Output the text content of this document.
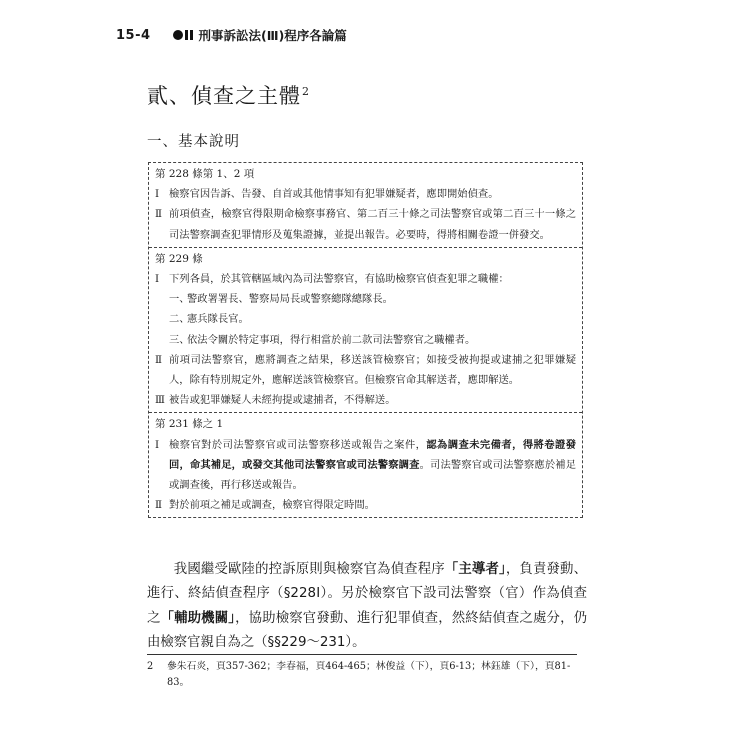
15-4	刑事訴訟法(Ⅲ)程序各論篇
貳、偵查之主體$^2$
一、基本說明
第 228 條第 1、2 項
Ⅰ 檢察官因告訴、告發、自首或其他情事知有犯罪嫌疑者，應即開始偵查。
Ⅱ 前項偵查，檢察官得限期命檢察事務官、第二百三十條之司法警察官或第二百三十一條之司法警察調查犯罪情形及蒐集證據，並提出報告。必要時，得將相關卷證一併發交。
第 229 條
Ⅰ 下列各員，於其管轄區域內為司法警察官，有協助檢察官偵查犯罪之職權：
一、
警政署署長、警察局局長或警察總隊總隊長。
二、
憲兵隊長官。
三、
依法令關於特定事項，得行相當於前二款司法警察官之職權者。
Ⅱ 前項司法警察官，應將調查之結果，移送該管檢察官；如接受被拘提或逮捕之犯罪嫌疑人，除有特別規定外，應解送該管檢察官。但檢察官命其解送者，應即解送。
Ⅲ 被告或犯罪嫌疑人未經拘提或逮捕者，不得解送。
第 231 條之 1
Ⅰ 檢察官對於司法警察官或司法警察移送或報告之案件，認為調查未完備者，得將卷證發回，命其補足，或發交其他司法警察官或司法警察調查。司法警察官或司法警察應於補足或調查後，再行移送或報告。
Ⅱ 對於前項之補足或調查，檢察官得限定時間。
我國繼受歐陸的控訴原則與檢察官為偵查程序「主導者」，負責發動、進行、終結偵查程序（§228Ⅰ）。另於檢察官下設司法警察（官）作為偵查之「輔助機關」，協助檢察官發動、進行犯罪偵查，然終結偵查之處分，仍由檢察官親自為之（§§229～231）。
2	參朱石炎，頁357-362；李春福，頁464-465；林俊益（下），頁6-13；林鈺雄（下），頁81-83。
